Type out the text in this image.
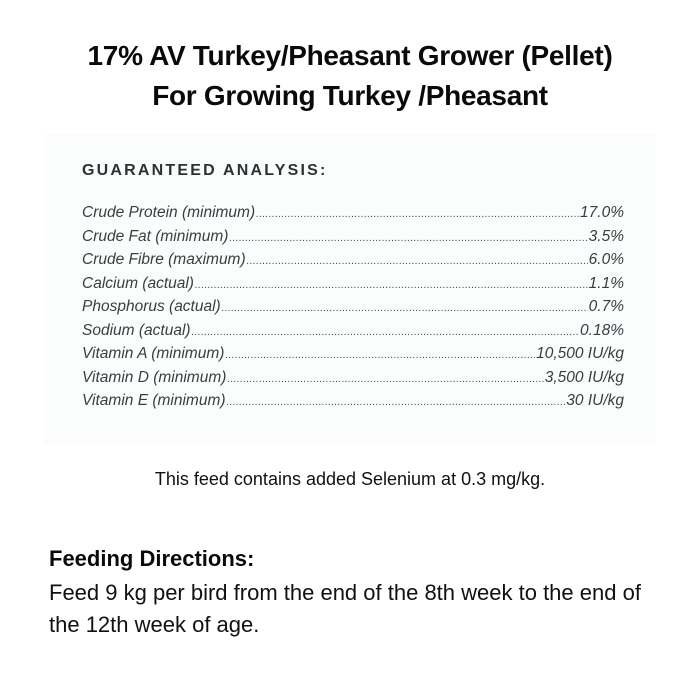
17% AV Turkey/Pheasant Grower (Pellet)
For Growing Turkey /Pheasant
GUARANTEED ANALYSIS:
Crude Protein (minimum) .....	17.0%
Crude Fat (minimum) .....	3.5%
Crude Fibre (maximum) .....	6.0%
Calcium (actual) .....	1.1%
Phosphorus (actual) .....	0.7%
Sodium (actual) .....	0.18%
Vitamin A (minimum) .....	10,500 IU/kg
Vitamin D (minimum) .....	3,500 IU/kg
Vitamin E (minimum) .....	30 IU/kg
This feed contains added Selenium at 0.3 mg/kg.
Feeding Directions:
Feed 9 kg per bird from the end of the 8th week to the end of the 12th week of age.
